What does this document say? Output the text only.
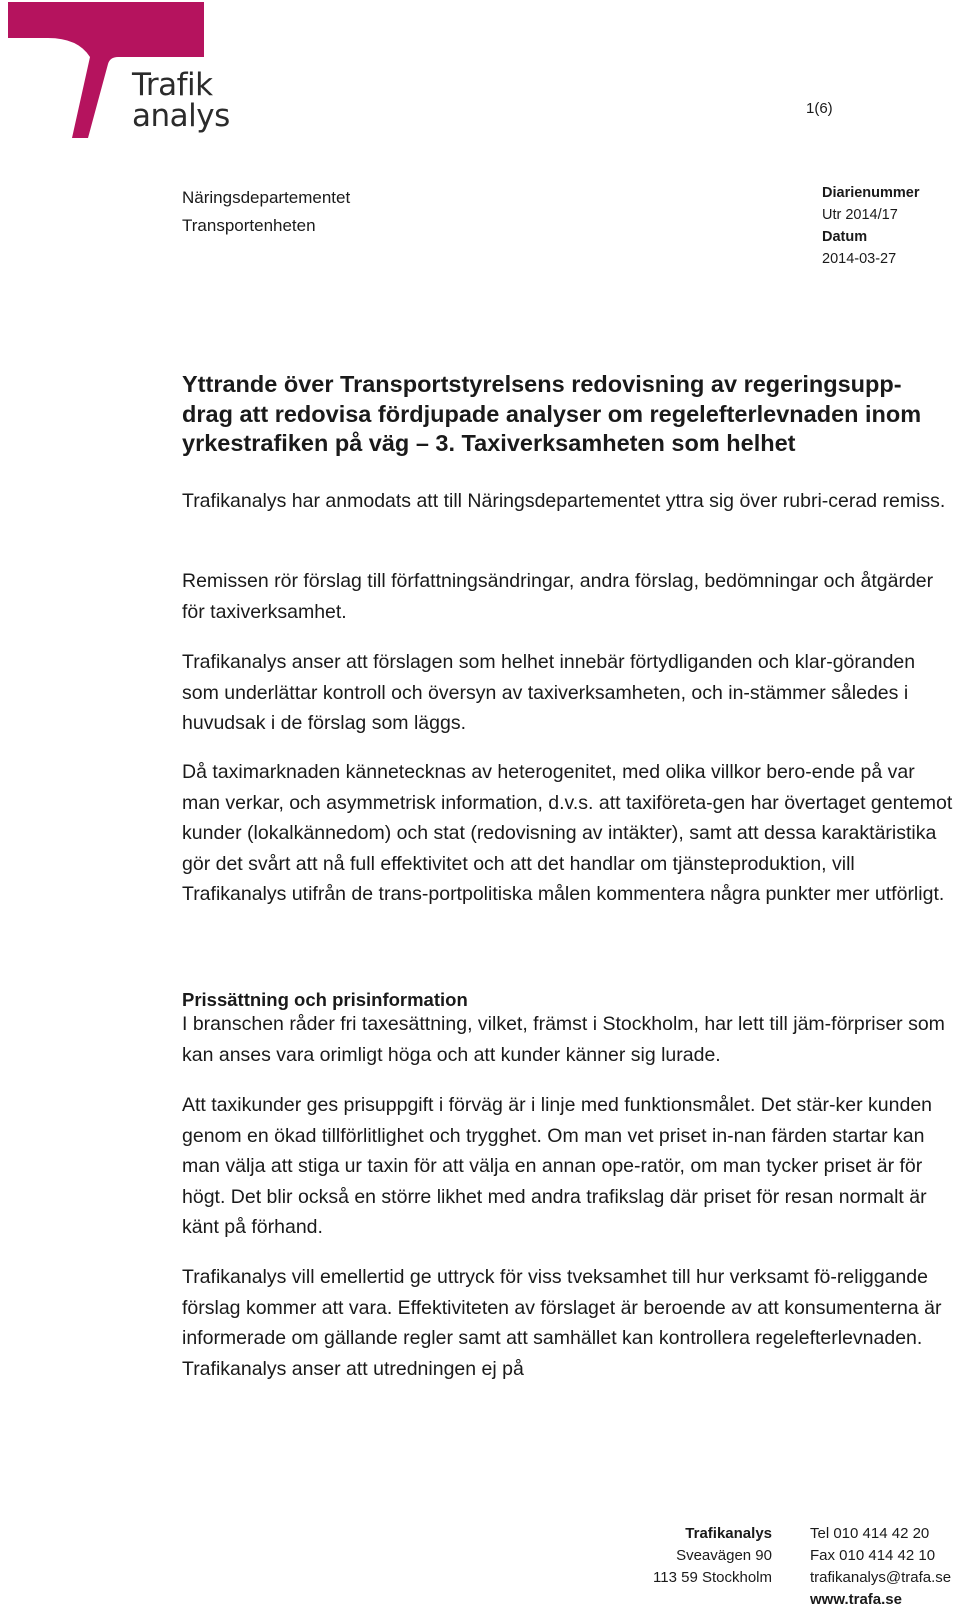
Trafik
analys	1(6)
Näringsdepartementet
Transportenheten
Diarienummer
Utr 2014/17
Datum
2014-03-27
Yttrande över Transportstyrelsens redovisning av regeringsupp-drag att redovisa fördjupade analyser om regelefterlevnaden inom yrkestrafiken på väg – 3. Taxiverksamheten som helhet

Trafikanalys har anmodats att till Näringsdepartementet yttra sig över rubri-cerad remiss.

Remissen rör förslag till författningsändringar, andra förslag, bedömningar och åtgärder för taxiverksamhet.

Trafikanalys anser att förslagen som helhet innebär förtydliganden och klar-göranden som underlättar kontroll och översyn av taxiverksamheten, och in-stämmer således i huvudsak i de förslag som läggs.

Då taximarknaden kännetecknas av heterogenitet, med olika villkor bero-ende på var man verkar, och asymmetrisk information, d.v.s. att taxiföreta-gen har övertaget gentemot kunder (lokalkännedom) och stat (redovisning av intäkter), samt att dessa karaktäristika gör det svårt att nå full effektivitet och att det handlar om tjänsteproduktion, vill Trafikanalys utifrån de trans-portpolitiska målen kommentera några punkter mer utförligt.

Prissättning och prisinformation

I branschen råder fri taxesättning, vilket, främst i Stockholm, har lett till jäm-förpriser som kan anses vara orimligt höga och att kunder känner sig lurade.

Att taxikunder ges prisuppgift i förväg är i linje med funktionsmålet. Det stär-ker kunden genom en ökad tillförlitlighet och trygghet. Om man vet priset in-nan färden startar kan man välja att stiga ur taxin för att välja en annan ope-ratör, om man tycker priset är för högt. Det blir också en större likhet med andra trafikslag där priset för resan normalt är känt på förhand.

Trafikanalys vill emellertid ge uttryck för viss tveksamhet till hur verksamt fö-religgande förslag kommer att vara. Effektiviteten av förslaget är beroende av att konsumenterna är informerade om gällande regler samt att samhället kan kontrollera regelefterlevnaden. Trafikanalys anser att utredningen ej på

Trafikanalys
Sveavägen 90
113 59 Stockholm
Tel 010 414 42 20
Fax 010 414 42 10
trafikanalys@trafa.se
www.trafa.se
